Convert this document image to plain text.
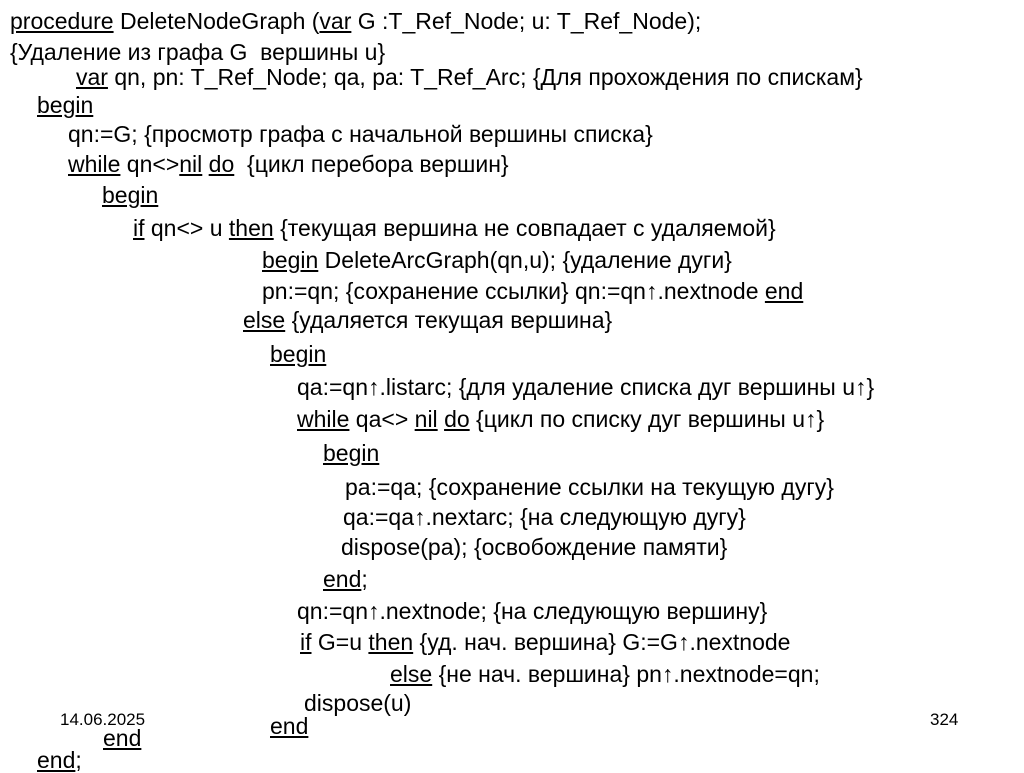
procedure DeleteNodeGraph (var G :T_Ref_Node; u: T_Ref_Node);
{Удаление из графа G  вершины u}
var qn, pn: T_Ref_Node; qa, pa: T_Ref_Arc; {Для прохождения по спискам}
begin
qn:=G; {просмотр графа с начальной вершины списка}
while qn<>nil do  {цикл перебора вершин}
begin
if qn<> u then {текущая вершина не совпадает с удаляемой}
begin DeleteArcGraph(qn,u); {удаление дуги}
pn:=qn; {сохранение ссылки} qn:=qn↑.nextnode end
else {удаляется текущая вершина}
begin
qa:=qn↑.listarc; {для удаление списка дуг вершины u↑}
while qa<> nil do {цикл по списку дуг вершины u↑}
begin
pa:=qa; {сохранение ссылки на текущую дугу}
qa:=qa↑.nextarc; {на следующую дугу}
dispose(pa); {освобождение памяти}
end;
qn:=qn↑.nextnode; {на следующую вершину}
if G=u then {уд. нач. вершина} G:=G↑.nextnode
else {не нач. вершина} pn↑.nextnode=qn;
dispose(u)
end
end
end;
14.06.2025	324
